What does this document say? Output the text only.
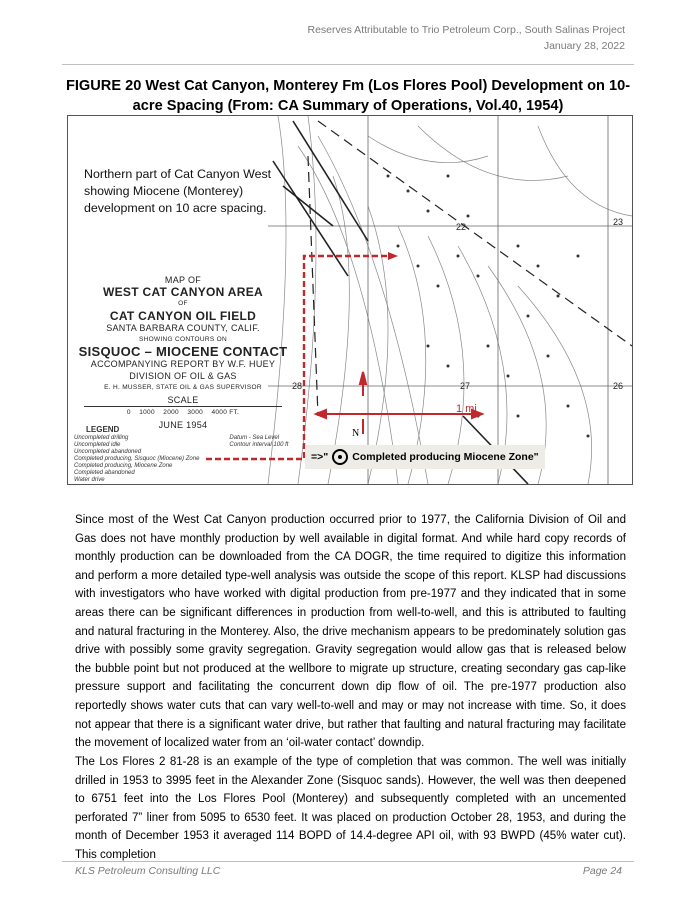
Reserves Attributable to Trio Petroleum Corp., South Salinas Project
January 28, 2022
FIGURE 20 West Cat Canyon, Monterey Fm (Los Flores Pool) Development on 10-acre Spacing (From: CA Summary of Operations, Vol.40, 1954)
Northern part of Cat Canyon West
showing Miocene (Monterey)
development on 10 acre spacing.
MAP OF
WEST CAT CANYON AREA
OF
CAT CANYON OIL FIELD
SANTA BARBARA COUNTY, CALIF.
SHOWING CONTOURS ON
SISQUOC – MIOCENE CONTACT
ACCOMPANYING REPORT BY W.F. HUEY
DIVISION OF OIL & GAS
E. H. MUSSER, STATE OIL & GAS SUPERVISOR
SCALE
0    1000    2000    3000    4000 FT.
JUNE 1954
LEGEND
Uncompleted drilling
Uncompleted idle
Uncompleted abandoned
Completed producing, Sisquoc (Miocene) Zone
Completed producing, Miocene Zone
Completed abandoned
Water drive
Datum - Sea Level
Contour interval 100 ft
22	23
26
27
28
N
1 mi
=>" Completed producing Miocene Zone"
Since most of the West Cat Canyon production occurred prior to 1977, the California Division of Oil and Gas does not have monthly production by well available in digital format. And while hard copy records of monthly production can be downloaded from the CA DOGR, the time required to digitize this information and perform a more detailed type-well analysis was outside the scope of this report. KLSP had discussions with investigators who have worked with digital production from pre-1977 and they indicated that in some areas there can be significant differences in production from well-to-well, and this is attributed to faulting and natural fracturing in the Monterey. Also, the drive mechanism appears to be predominately solution gas drive with possibly some gravity segregation. Gravity segregation would allow gas that is released below the bubble point but not produced at the wellbore to migrate up structure, creating secondary gas cap-like pressure support and facilitating the concurrent down dip flow of oil. The pre-1977 production also reportedly shows water cuts that can vary well-to-well and may or may not increase with time. So, it does not appear that there is a significant water drive, but rather that faulting and natural fracturing may facilitate the movement of localized water from an ‘oil-water contact’ downdip.
The Los Flores 2 81-28 is an example of the type of completion that was common. The well was initially drilled in 1953 to 3995 feet in the Alexander Zone (Sisquoc sands). However, the well was then deepened to 6751 feet into the Los Flores Pool (Monterey) and subsequently completed with an uncemented perforated 7” liner from 5095 to 6530 feet. It was placed on production October 28, 1953, and during the month of December 1953 it averaged 114 BOPD of 14.4-degree API oil, with 93 BWPD (45% water cut). This completion
KLS Petroleum Consulting LLC	Page 24
